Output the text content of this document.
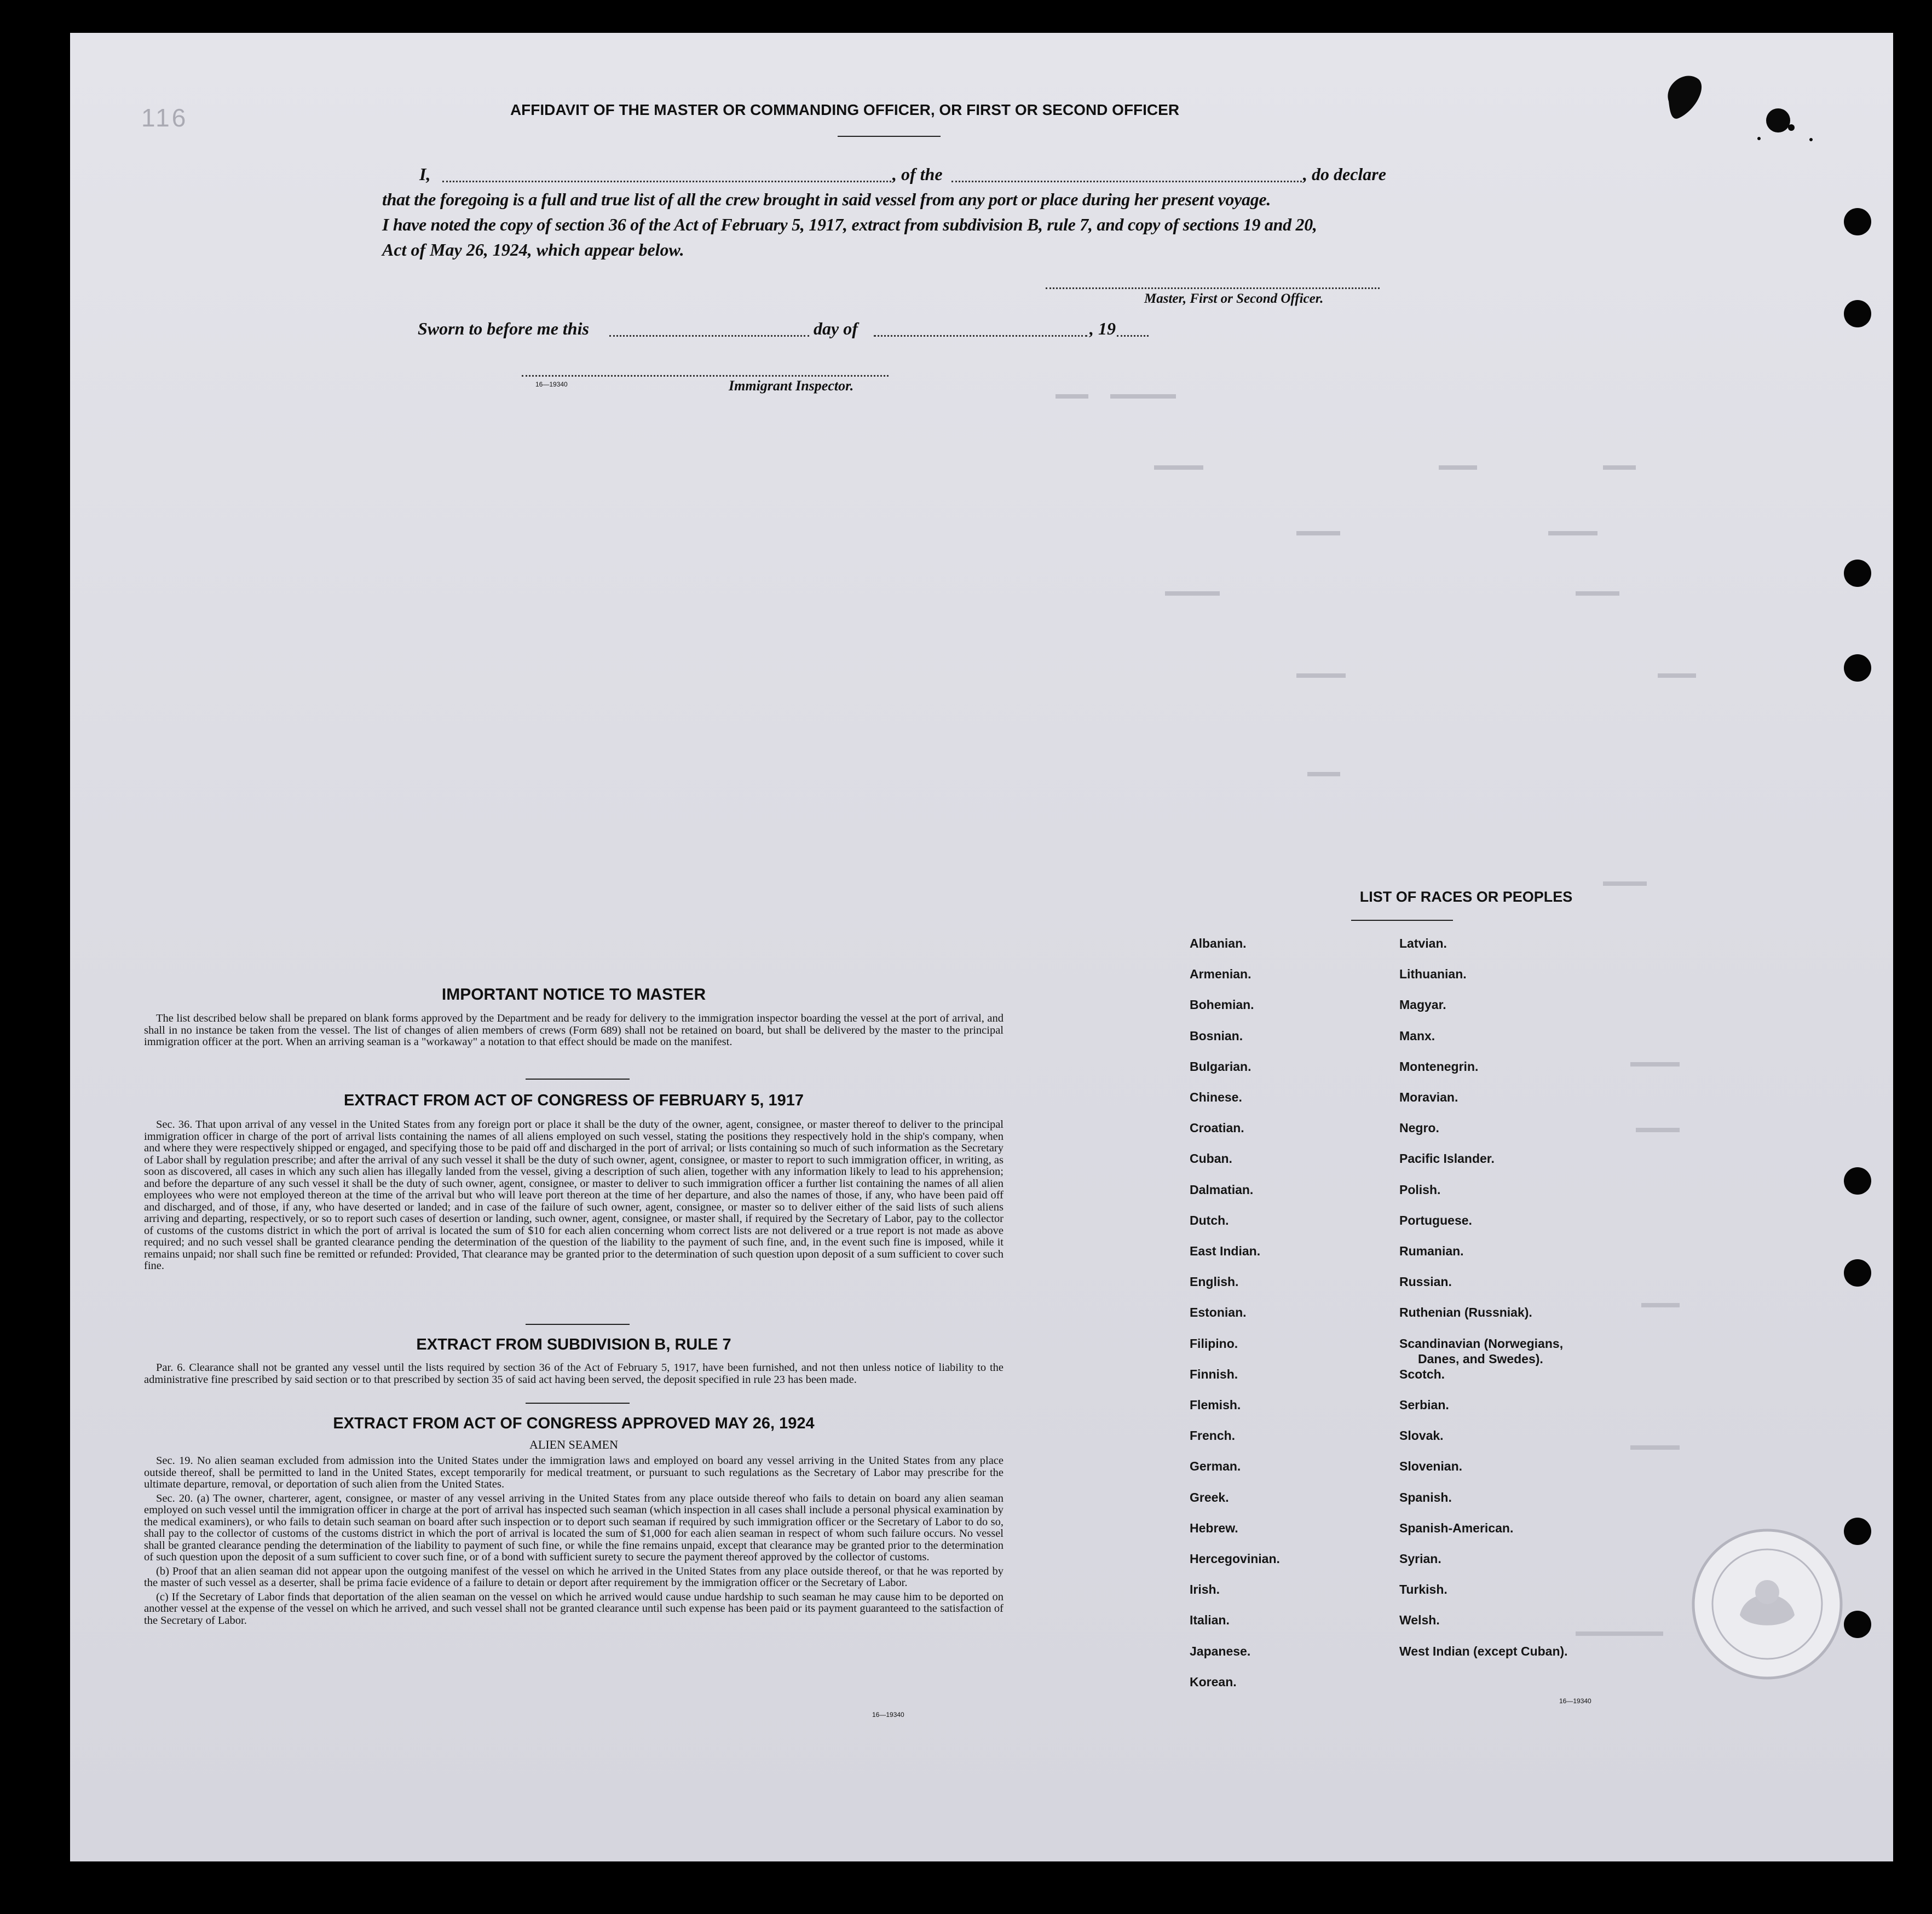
116	AFFIDAVIT OF THE MASTER OR COMMANDING OFFICER, OR FIRST OR SECOND OFFICER
I,	, of the	, do declare
that the foregoing is a full and true list of all the crew brought in said vessel from any port or place during her present voyage.
I have noted the copy of section 36 of the Act of February 5, 1917, extract from subdivision B, rule 7, and copy of sections 19 and 20,
Act of May 26, 1924, which appear below.
Master, First or Second Officer.
Sworn to before me this	day of	, 19
16—19340	Immigrant Inspector.
IMPORTANT NOTICE TO MASTER

The list described below shall be prepared on blank forms approved by the Department and be ready for delivery to the immigration inspector boarding the vessel at the port of arrival, and shall in no instance be taken from the vessel. The list of changes of alien members of crews (Form 689) shall not be retained on board, but shall be delivered by the master to the principal immigration officer at the port. When an arriving seaman is a "workaway" a notation to that effect should be made on the manifest.

EXTRACT FROM ACT OF CONGRESS OF FEBRUARY 5, 1917

Sec. 36. That upon arrival of any vessel in the United States from any foreign port or place it shall be the duty of the owner, agent, consignee, or master thereof to deliver to the principal immigration officer in charge of the port of arrival lists containing the names of all aliens employed on such vessel, stating the positions they respectively hold in the ship's company, when and where they were respectively shipped or engaged, and specifying those to be paid off and discharged in the port of arrival; or lists containing so much of such information as the Secretary of Labor shall by regulation prescribe; and after the arrival of any such vessel it shall be the duty of such owner, agent, consignee, or master to report to such immigration officer, in writing, as soon as discovered, all cases in which any such alien has illegally landed from the vessel, giving a description of such alien, together with any information likely to lead to his apprehension; and before the departure of any such vessel it shall be the duty of such owner, agent, consignee, or master to deliver to such immigration officer a further list containing the names of all alien employees who were not employed thereon at the time of the arrival but who will leave port thereon at the time of her departure, and also the names of those, if any, who have been paid off and discharged, and of those, if any, who have deserted or landed; and in case of the failure of such owner, agent, consignee, or master so to deliver either of the said lists of such aliens arriving and departing, respectively, or so to report such cases of desertion or landing, such owner, agent, consignee, or master shall, if required by the Secretary of Labor, pay to the collector of customs of the customs district in which the port of arrival is located the sum of $10 for each alien concerning whom correct lists are not delivered or a true report is not made as above required; and no such vessel shall be granted clearance pending the determination of the question of the liability to the payment of such fine, and, in the event such fine is imposed, while it remains unpaid; nor shall such fine be remitted or refunded: Provided, That clearance may be granted prior to the determination of such question upon deposit of a sum sufficient to cover such fine.

EXTRACT FROM SUBDIVISION B, RULE 7

Par. 6. Clearance shall not be granted any vessel until the lists required by section 36 of the Act of February 5, 1917, have been furnished, and not then unless notice of liability to the administrative fine prescribed by said section or to that prescribed by section 35 of said act having been served, the deposit specified in rule 23 has been made.

EXTRACT FROM ACT OF CONGRESS APPROVED MAY 26, 1924
ALIEN SEAMEN

Sec. 19. No alien seaman excluded from admission into the United States under the immigration laws and employed on board any vessel arriving in the United States from any place outside thereof, shall be permitted to land in the United States, except temporarily for medical treatment, or pursuant to such regulations as the Secretary of Labor may prescribe for the ultimate departure, removal, or deportation of such alien from the United States.

Sec. 20. (a) The owner, charterer, agent, consignee, or master of any vessel arriving in the United States from any place outside thereof who fails to detain on board any alien seaman employed on such vessel until the immigration officer in charge at the port of arrival has inspected such seaman (which inspection in all cases shall include a personal physical examination by the medical examiners), or who fails to detain such seaman on board after such inspection or to deport such seaman if required by such immigration officer or the Secretary of Labor to do so, shall pay to the collector of customs of the customs district in which the port of arrival is located the sum of $1,000 for each alien seaman in respect of whom such failure occurs. No vessel shall be granted clearance pending the determination of the liability to payment of such fine, or while the fine remains unpaid, except that clearance may be granted prior to the determination of such question upon the deposit of a sum sufficient to cover such fine, or of a bond with sufficient surety to secure the payment thereof approved by the collector of customs.

(b) Proof that an alien seaman did not appear upon the outgoing manifest of the vessel on which he arrived in the United States from any place outside thereof, or that he was reported by the master of such vessel as a deserter, shall be prima facie evidence of a failure to detain or deport after requirement by the immigration officer or the Secretary of Labor.

(c) If the Secretary of Labor finds that deportation of the alien seaman on the vessel on which he arrived would cause undue hardship to such seaman he may cause him to be deported on another vessel at the expense of the vessel on which he arrived, and such vessel shall not be granted clearance until such expense has been paid or its payment guaranteed to the satisfaction of the Secretary of Labor.

16—19340
LIST OF RACES OR PEOPLES
16—19340
Albanian.
Armenian.
Bohemian.
Bosnian.
Bulgarian.
Chinese.
Croatian.
Cuban.
Dalmatian.
Dutch.
East Indian.
English.
Estonian.
Filipino.
Finnish.
Flemish.
French.
German.
Greek.
Hebrew.
Hercegovinian.
Irish.
Italian.
Japanese.
Korean.
Latvian.
Lithuanian.
Magyar.
Manx.
Montenegrin.
Moravian.
Negro.
Pacific Islander.
Polish.
Portuguese.
Rumanian.
Russian.
Ruthenian (Russniak).
Scandinavian (Norwegians,
Danes, and Swedes).
Scotch.
Serbian.
Slovak.
Slovenian.
Spanish.
Spanish-American.
Syrian.
Turkish.
Welsh.
West Indian (except Cuban).
